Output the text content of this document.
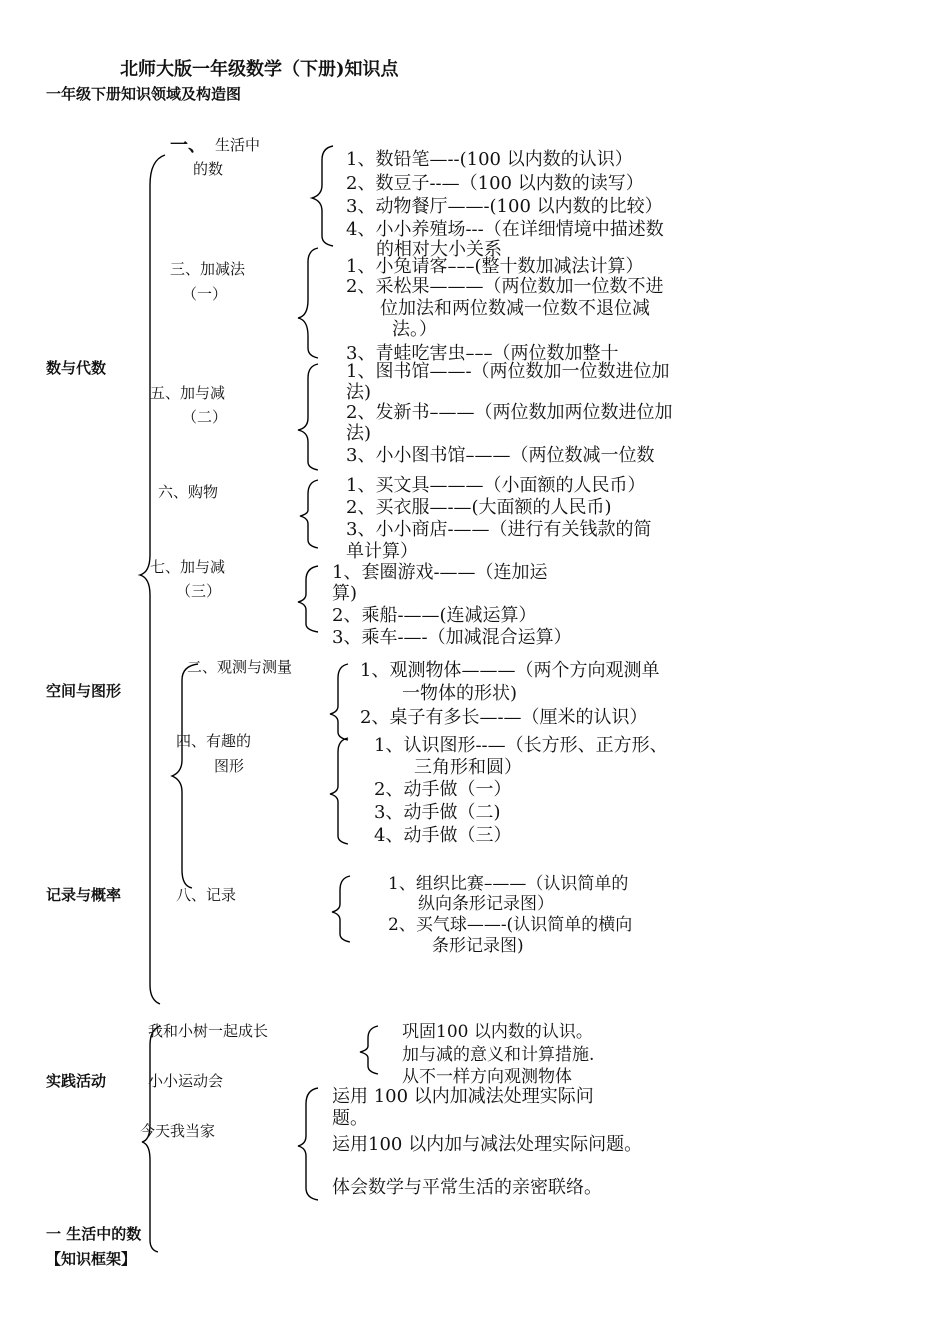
北师大版一年级数学（下册)知识点
一年级下册知识领域及构造图
数与代数
空间与图形
记录与概率
实践活动
一、 生活中
的数
三、加减法
（一）
五、加与减
（二）
六、购物
七、加与减
（三）
二、观测与测量
四、有趣的
图形
八、记录
1、数铅笔—--(100 以内数的认识）
2、数豆子--—（100 以内数的读写）
3、动物餐厅——-(100 以内数的比较）
4、小小养殖场---（在详细情境中描述数
的相对大小关系
1、小兔请客–––(整十数加减法计算）
2、采松果———（两位数加一位数不进
位加法和两位数减一位数不退位减
法。）
3、青蛙吃害虫–––（两位数加整十
1、图书馆——-（两位数加一位数进位加
法)
2、发新书–——（两位数加两位数进位加
法)
3、小小图书馆–——（两位数减一位数
1、买文具———（小面额的人民币）
2、买衣服—-—(大面额的人民币)
3、小小商店-——（进行有关钱款的简
单计算）
1、套圈游戏-——（连加运
算)
2、乘船-——(连减运算）
3、乘车-—-（加减混合运算）
1、观测物体———（两个方向观测单
一物体的形状)
2、桌子有多长—-—（厘米的认识）
1、认识图形--—（长方形、正方形、
三角形和圆）
2、动手做（一）
3、动手做（二)
4、动手做（三）
1、组织比赛–——（认识简单的
纵向条形记录图）
2、买气球——-(认识简单的横向
条形记录图)
我和小树一起成长
小小运动会
今天我当家
巩固100 以内数的认识。
加与减的意义和计算措施.
从不一样方向观测物体
运用 100 以内加减法处理实际问
题。
运用100 以内加与减法处理实际问题。
体会数学与平常生活的亲密联络。
一 生活中的数
【知识框架】
